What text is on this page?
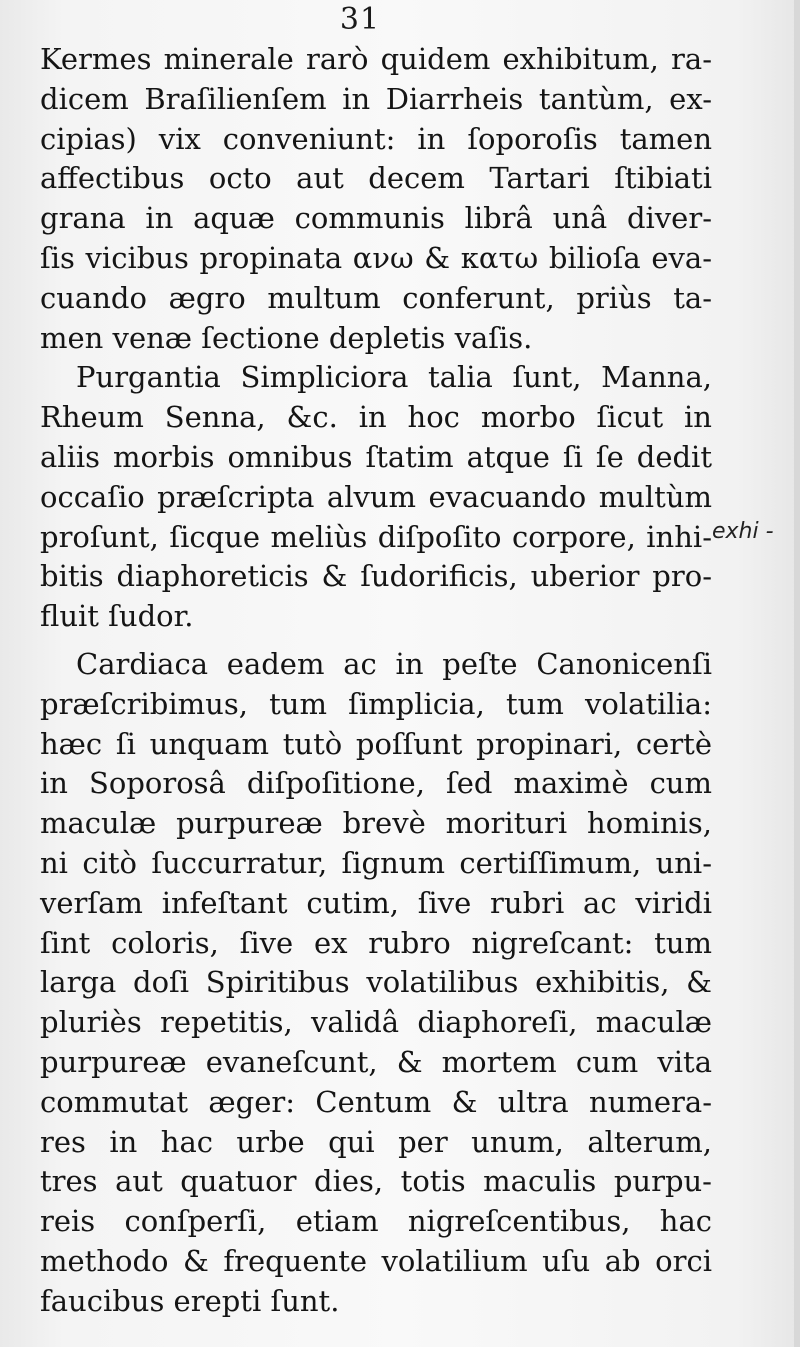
31
Kermes minerale rarò quidem exhibitum, ra-
dicem Braſilienſem in Diarrheis tantùm, ex-
cipias) vix conveniunt: in ſoporoſis tamen
affectibus octo aut decem Tartari ſtibiati
grana in aquæ communis librâ unâ diver-
ſis vicibus propinata ανω & κατω bilioſa eva-
cuando ægro multum conferunt, priùs ta-
men venæ ſectione depletis vaſis.
Purgantia Simpliciora talia ſunt, Manna,
Rheum Senna, &c. in hoc morbo ſicut in
aliis morbis omnibus ſtatim atque ſi ſe dedit
occaſio præſcripta alvum evacuando multùm
proſunt, ſicque meliùs diſpoſito corpore, inhi-
bitis diaphoreticis & ſudorificis, uberior pro-
fluit ſudor.
Cardiaca eadem ac in peſte Canonicenſi
præſcribimus, tum ſimplicia, tum volatilia:
hæc ſi unquam tutò poſſunt propinari, certè
in Soporosâ diſpoſitione, ſed maximè cum
maculæ purpureæ brevè morituri hominis,
ni citò ſuccurratur, ſignum certiſſimum, uni-
verſam infeſtant cutim, ſive rubri ac viridi
ſint coloris, ſive ex rubro nigreſcant: tum
larga doſi Spiritibus volatilibus exhibitis, &
pluriès repetitis, validâ diaphoreſi, maculæ
purpureæ evaneſcunt, & mortem cum vita
commutat æger: Centum & ultra numera-
res in hac urbe qui per unum, alterum,
tres aut quatuor dies, totis maculis purpu-
reis conſperſi, etiam nigreſcentibus, hac
methodo & frequente volatilium uſu ab orci
faucibus erepti ſunt.
exhi -
